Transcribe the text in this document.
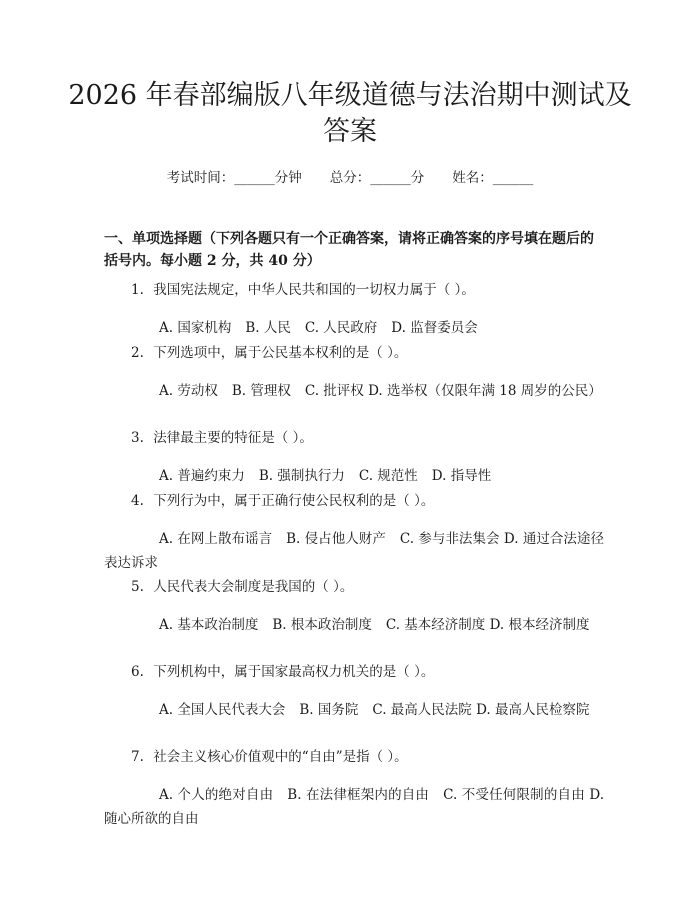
2026 年春部编版八年级道德与法治期中测试及答案
考试时间：______分钟 总分：______分 姓名：______
一、单项选择题（下列各题只有一个正确答案，请将正确答案的序号填在题后的括号内。每小题 2 分，共 40 分）
1. 我国宪法规定，中华人民共和国的一切权力属于（ ）。
A. 国家机构 B. 人民 C. 人民政府 D. 监督委员会
2. 下列选项中，属于公民基本权利的是（ ）。
A. 劳动权 B. 管理权 C. 批评权 D. 选举权（仅限年满 18 周岁的公民）
3. 法律最主要的特征是（ ）。
A. 普遍约束力 B. 强制执行力 C. 规范性 D. 指导性
4. 下列行为中，属于正确行使公民权利的是（ ）。
A. 在网上散布谣言 B. 侵占他人财产 C. 参与非法集会 D. 通过合法途径表达诉求
5. 人民代表大会制度是我国的（ ）。
A. 基本政治制度 B. 根本政治制度 C. 基本经济制度 D. 根本经济制度
6. 下列机构中，属于国家最高权力机关的是（ ）。
A. 全国人民代表大会 B. 国务院 C. 最高人民法院 D. 最高人民检察院
7. 社会主义核心价值观中的“自由”是指（ ）。
A. 个人的绝对自由 B. 在法律框架内的自由 C. 不受任何限制的自由 D. 随心所欲的自由
